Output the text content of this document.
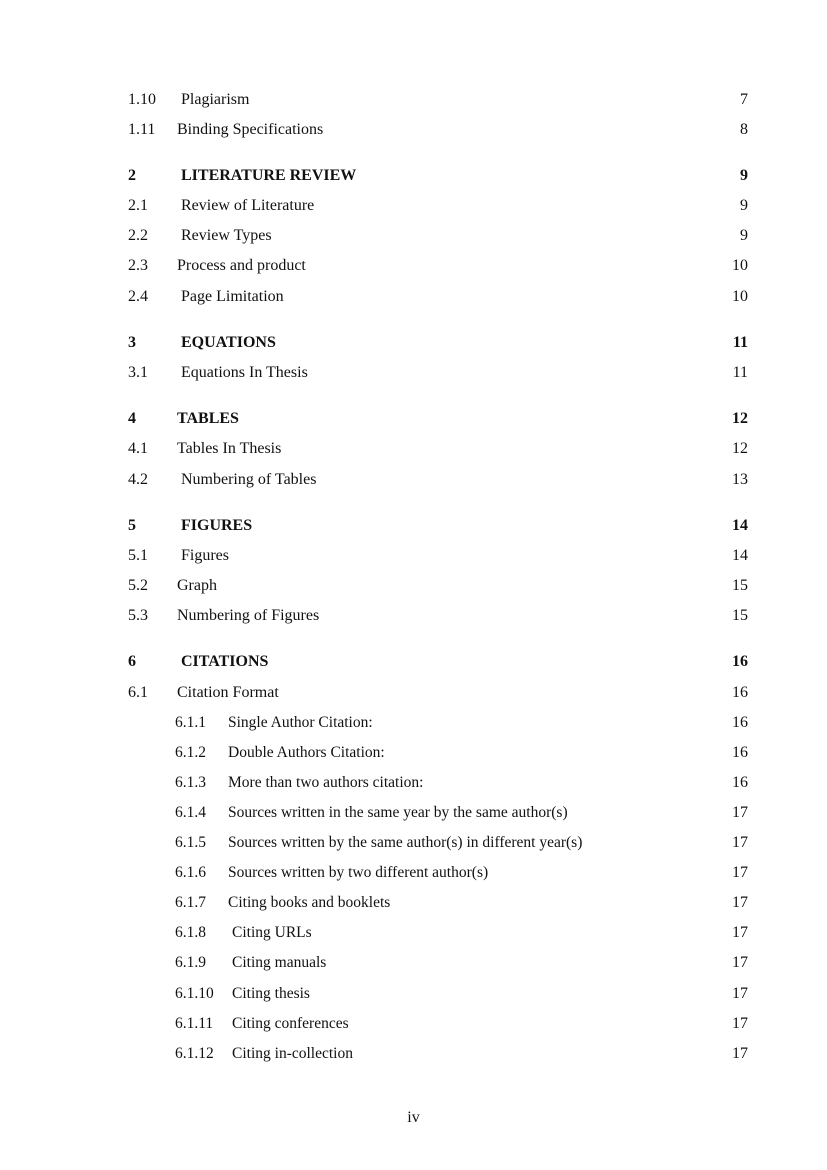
1.10 Plagiarism	7
1.11 Binding Specifications	8
2	LITERATURE REVIEW	9
2.1 Review of Literature	9
2.2 Review Types	9
2.3 Process and product	10
2.4 Page Limitation	10
3	EQUATIONS	11
3.1 Equations In Thesis	11
4	TABLES	12
4.1 Tables In Thesis	12
4.2 Numbering of Tables	13
5	FIGURES	14
5.1 Figures	14
5.2 Graph	15
5.3 Numbering of Figures	15
6	CITATIONS	16
6.1 Citation Format	16
6.1.1 Single Author Citation:	16
6.1.2 Double Authors Citation:	16
6.1.3 More than two authors citation:	16
6.1.4 Sources written in the same year by the same author(s)	17
6.1.5 Sources written by the same author(s) in different year(s)	17
6.1.6 Sources written by two different author(s)	17
6.1.7 Citing books and booklets	17
6.1.8 Citing URLs	17
6.1.9 Citing manuals	17
6.1.10 Citing thesis	17
6.1.11 Citing conferences	17
6.1.12 Citing in-collection	17
iv
